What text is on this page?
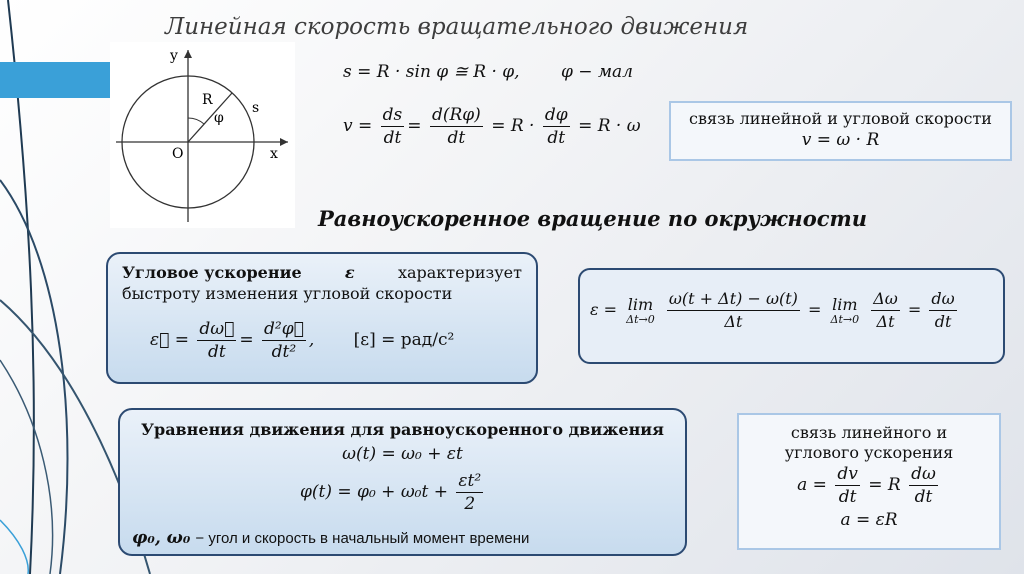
Линейная скорость вращательного движения
y
x
O
R
φ
s
s = R · sin φ ≅ R · φ, φ − мал
$v = \frac{ds}{dt} = \frac{d(R\varphi)}{dt} = R \cdot \frac{d\varphi}{dt} = R \cdot \omega$	связь линейной и угловой скорости
v = ω · R
Равноускоренное вращение по окружности
Угловое ускорение	ε	характеризует
быстроту изменения угловой скорости
ε⃗ = $\frac{d\omega⃗}{dt} = \frac{\text{d²φ⃗}}{\text{dt²}}$ , [ε] = рад/с²
ε = lim
Δt→0
$\frac{\omega(t + \Delta t) - \omega(t)}{\Delta t} = \lim$
Δt→0
$\frac{\Delta\omega}{\Delta t} = \frac{d\omega}{dt}$
Уравнения движения для равноускоренного движения
ω(t) = ω₀ + εt
$\varphi(t) = \varphi_0 + \omega_0t + \frac{\text{εt²}}{2}$
φ₀, ω₀ − угол и скорость в начальный момент времени
связь линейного и
углового ускорения
$a = \frac{dv}{dt} = R \frac{d\omega}{dt}$
a = εR
